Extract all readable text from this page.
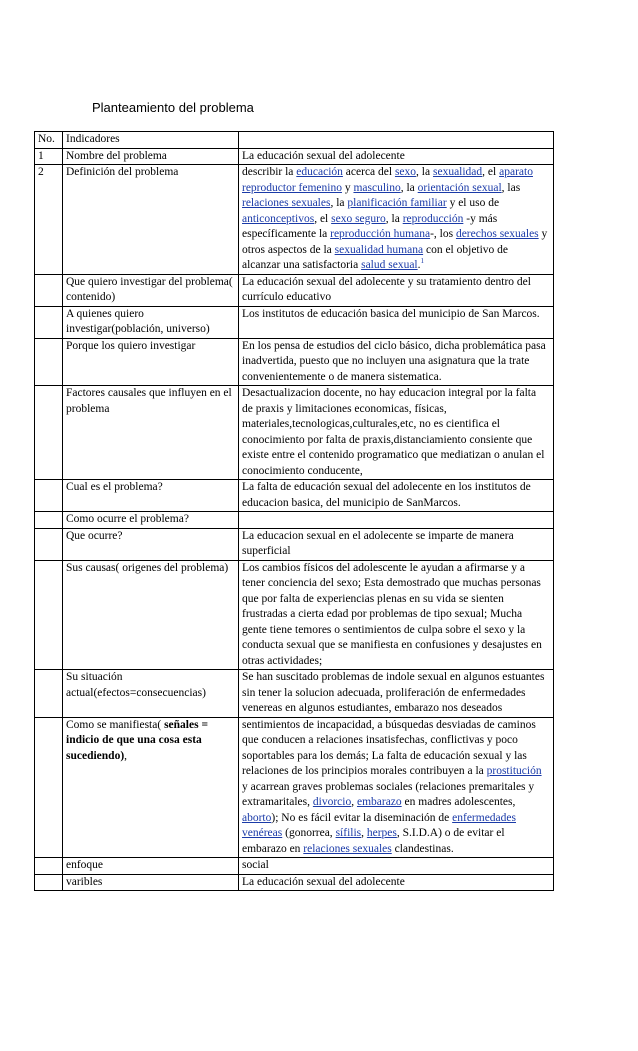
Planteamiento del problema
No.	Indicadores	
1	Nombre del problema	La educación sexual del adolecente
2	Definición del problema	describir la educación acerca del sexo, la sexualidad, el aparato reproductor femenino y masculino, la orientación sexual, las relaciones sexuales, la planificación familiar y el uso de anticonceptivos, el sexo seguro, la reproducción -y más específicamente la reproducción humana-, los derechos sexuales y otros aspectos de la sexualidad humana con el objetivo de alcanzar una satisfactoria salud sexual.$^1$
	Que quiero investigar del problema( contenido)	La educación sexual del adolecente y su tratamiento dentro del currículo educativo
	A quienes quiero investigar(población, universo)	Los institutos de educación basica del municipio de San Marcos.
	Porque los quiero investigar	En los pensa de estudios del ciclo básico, dicha problemática pasa inadvertida, puesto que no incluyen una asignatura que la trate convenientemente o de manera sistematica.
	Factores causales que influyen en el problema	Desactualizacion docente, no hay educacion integral por la falta de praxis y limitaciones economicas, físicas, materiales,tecnologicas,culturales,etc, no es cientifica el conocimiento por falta de praxis,distanciamiento consiente que existe entre el contenido programatico que mediatizan o anulan el conocimiento conducente,
	Cual es el problema?	La falta de educación sexual del adolecente en los institutos de educacion basica, del municipio de SanMarcos.
	Como ocurre el problema?	
	Que ocurre?	La educacion sexual en el adolecente se imparte de manera superficial
	Sus causas( origenes del problema)	Los cambios físicos del adolescente le ayudan a afirmarse y a tener conciencia del sexo; Esta demostrado que muchas personas que por falta de experiencias plenas en su vida se sienten frustradas a cierta edad por problemas de tipo sexual; Mucha gente tiene temores o sentimientos de culpa sobre el sexo y la conducta sexual que se manifiesta en confusiones y desajustes en otras actividades;
	Su situación actual(efectos=consecuencias)	Se han suscitado problemas de indole sexual en algunos estuantes sin tener la solucion adecuada, proliferación de enfermedades venereas en algunos estudiantes, embarazo nos deseados
	Como se manifiesta( señales = indicio de que una cosa esta sucediendo),	sentimientos de incapacidad, a búsquedas desviadas de caminos que conducen a relaciones insatisfechas, conflictivas y poco soportables para los demás; La falta de educación sexual y las relaciones de los principios morales contribuyen a la prostitución y acarrean graves problemas sociales (relaciones premaritales y extramaritales, divorcio, embarazo en madres adolescentes, aborto); No es fácil evitar la diseminación de enfermedades venéreas (gonorrea, sífilis, herpes, S.I.D.A) o de evitar el embarazo en relaciones sexuales clandestinas.
	enfoque	social
	varibles	La educación sexual del adolecente
